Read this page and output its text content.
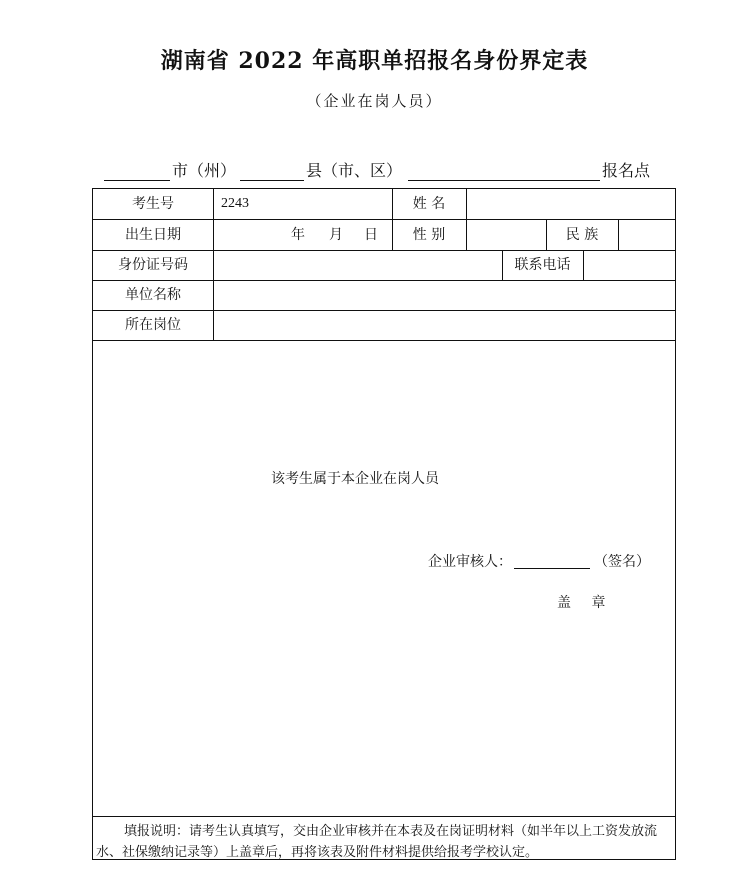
湖南省 2022 年高职单招报名身份界定表
（企业在岗人员）
市（州）	县（市、区）	报名点
考生号	2243	姓 名
出生日期	年 月 日	性 别	民 族
身份证号码	联系电话
单位名称
所在岗位
该考生属于本企业在岗人员
企业审核人：	（签名）
盖 章
填报说明：请考生认真填写，交由企业审核并在本表及在岗证明材料（如半年以上工资发放流水、社保缴纳记录等）上盖章后，再将该表及附件材料提供给报考学校认定。
